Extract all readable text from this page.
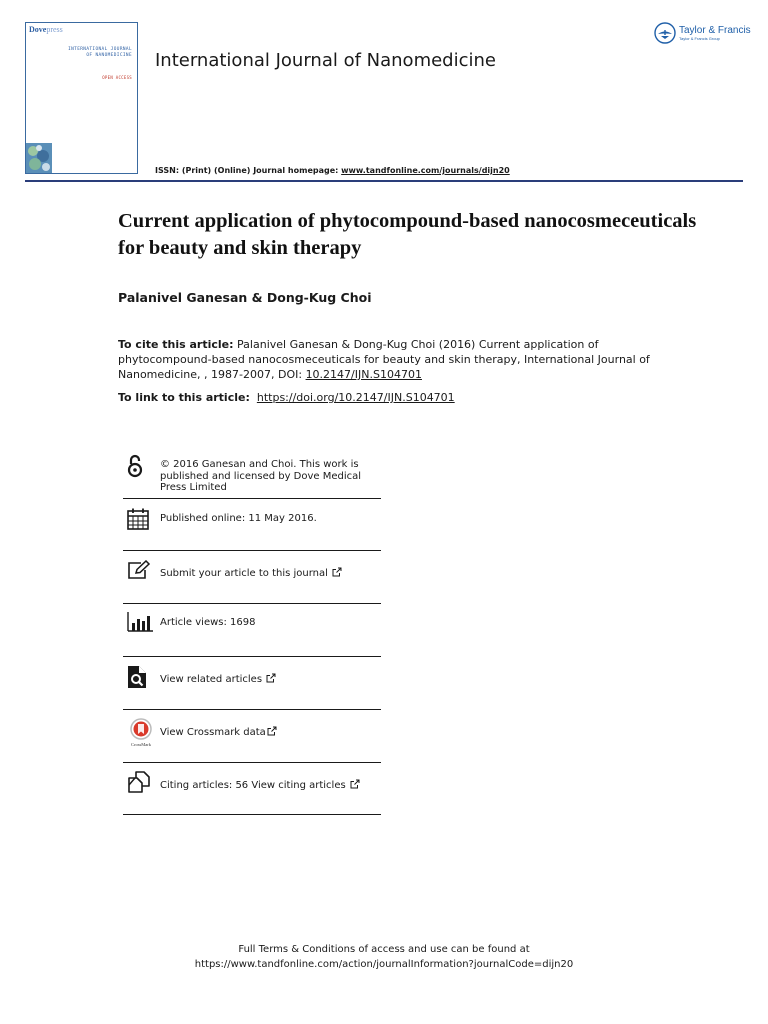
Dovepress
INTERNATIONAL JOURNAL
OF NANOMEDICINE
OPEN ACCESS
International Journal of Nanomedicine
ISSN: (Print) (Online) Journal homepage: www.tandfonline.com/journals/dijn20
Taylor & Francis
Taylor & Francis Group
Current application of phytocompound-based nanocosmeceuticals for beauty and skin therapy
Palanivel Ganesan & Dong-Kug Choi
To cite this article: Palanivel Ganesan & Dong-Kug Choi (2016) Current application of phytocompound-based nanocosmeceuticals for beauty and skin therapy, International Journal of Nanomedicine, , 1987-2007, DOI: 10.2147/IJN.S104701
To link to this article: https://doi.org/10.2147/IJN.S104701
© 2016 Ganesan and Choi. This work is published and licensed by Dove Medical Press Limited
Published online: 11 May 2016.
Submit your article to this journal
Article views: 1698
View related articles
CrossMark
View Crossmark data
Citing articles: 56 View citing articles
Full Terms & Conditions of access and use can be found at
https://www.tandfonline.com/action/journalInformation?journalCode=dijn20
